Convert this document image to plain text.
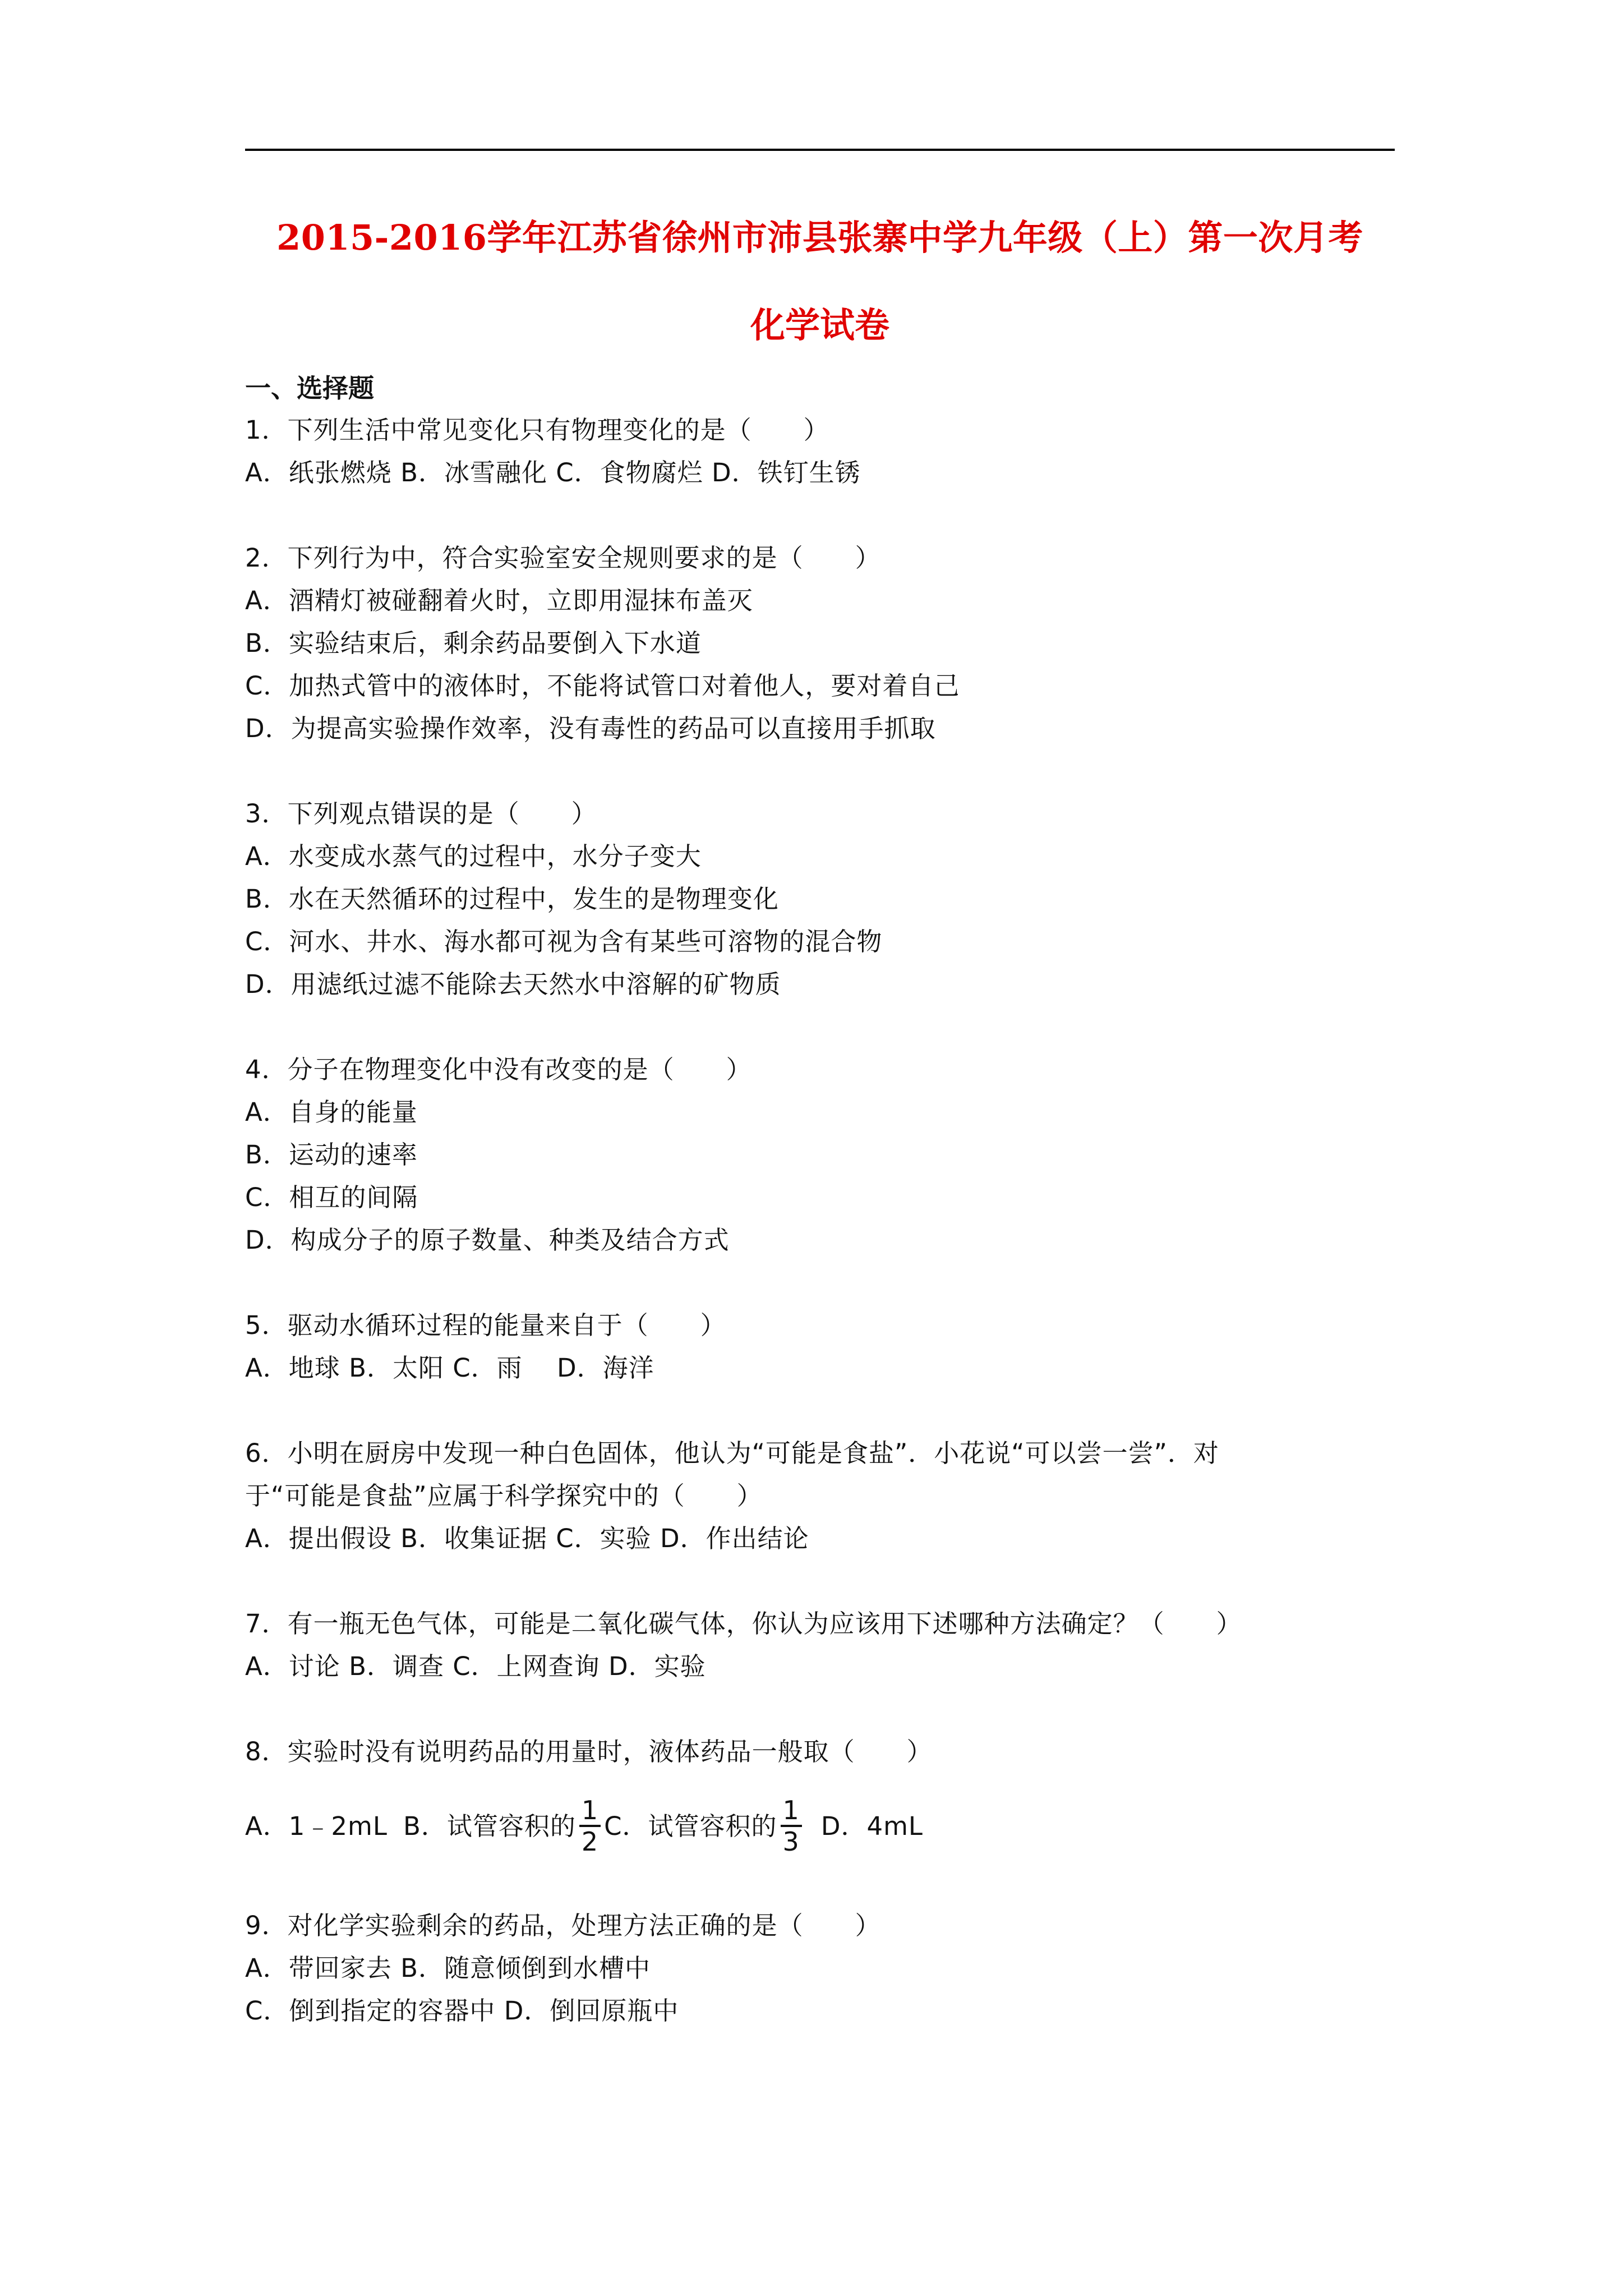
2015-2016学年江苏省徐州市沛县张寨中学九年级（上）第一次月考
化学试卷
一、选择题
1．下列生活中常见变化只有物理变化的是（　　）
A．纸张燃烧 B．冰雪融化 C．食物腐烂 D．铁钉生锈
2．下列行为中，符合实验室安全规则要求的是（　　）
A．酒精灯被碰翻着火时，立即用湿抹布盖灭
B．实验结束后，剩余药品要倒入下水道
C．加热式管中的液体时，不能将试管口对着他人，要对着自己
D．为提高实验操作效率，没有毒性的药品可以直接用手抓取
3．下列观点错误的是（　　）
A．水变成水蒸气的过程中，水分子变大
B．水在天然循环的过程中，发生的是物理变化
C．河水、井水、海水都可视为含有某些可溶物的混合物
D．用滤纸过滤不能除去天然水中溶解的矿物质
4．分子在物理变化中没有改变的是（　　）
A．自身的能量
B．运动的速率
C．相互的间隔
D．构成分子的原子数量、种类及结合方式
5．驱动水循环过程的能量来自于（　　）
A．地球 B．太阳 C．雨　 D．海洋
6．小明在厨房中发现一种白色固体，他认为“可能是食盐”．小花说“可以尝一尝”．对
于“可能是食盐”应属于科学探究中的（　　）
A．提出假设 B．收集证据 C．实验 D．作出结论
7．有一瓶无色气体，可能是二氧化碳气体，你认为应该用下述哪种方法确定？（　　）
A．讨论 B．调查 C．上网查询 D．实验
8．实验时没有说明药品的用量时，液体药品一般取（　　）
A．1﹣2mL B．试管容积的 $\frac{1}{2}$ C．试管容积的 $\frac{1}{3}$ D．4mL
9．对化学实验剩余的药品，处理方法正确的是（　　）
A．带回家去 B．随意倾倒到水槽中
C．倒到指定的容器中 D．倒回原瓶中
